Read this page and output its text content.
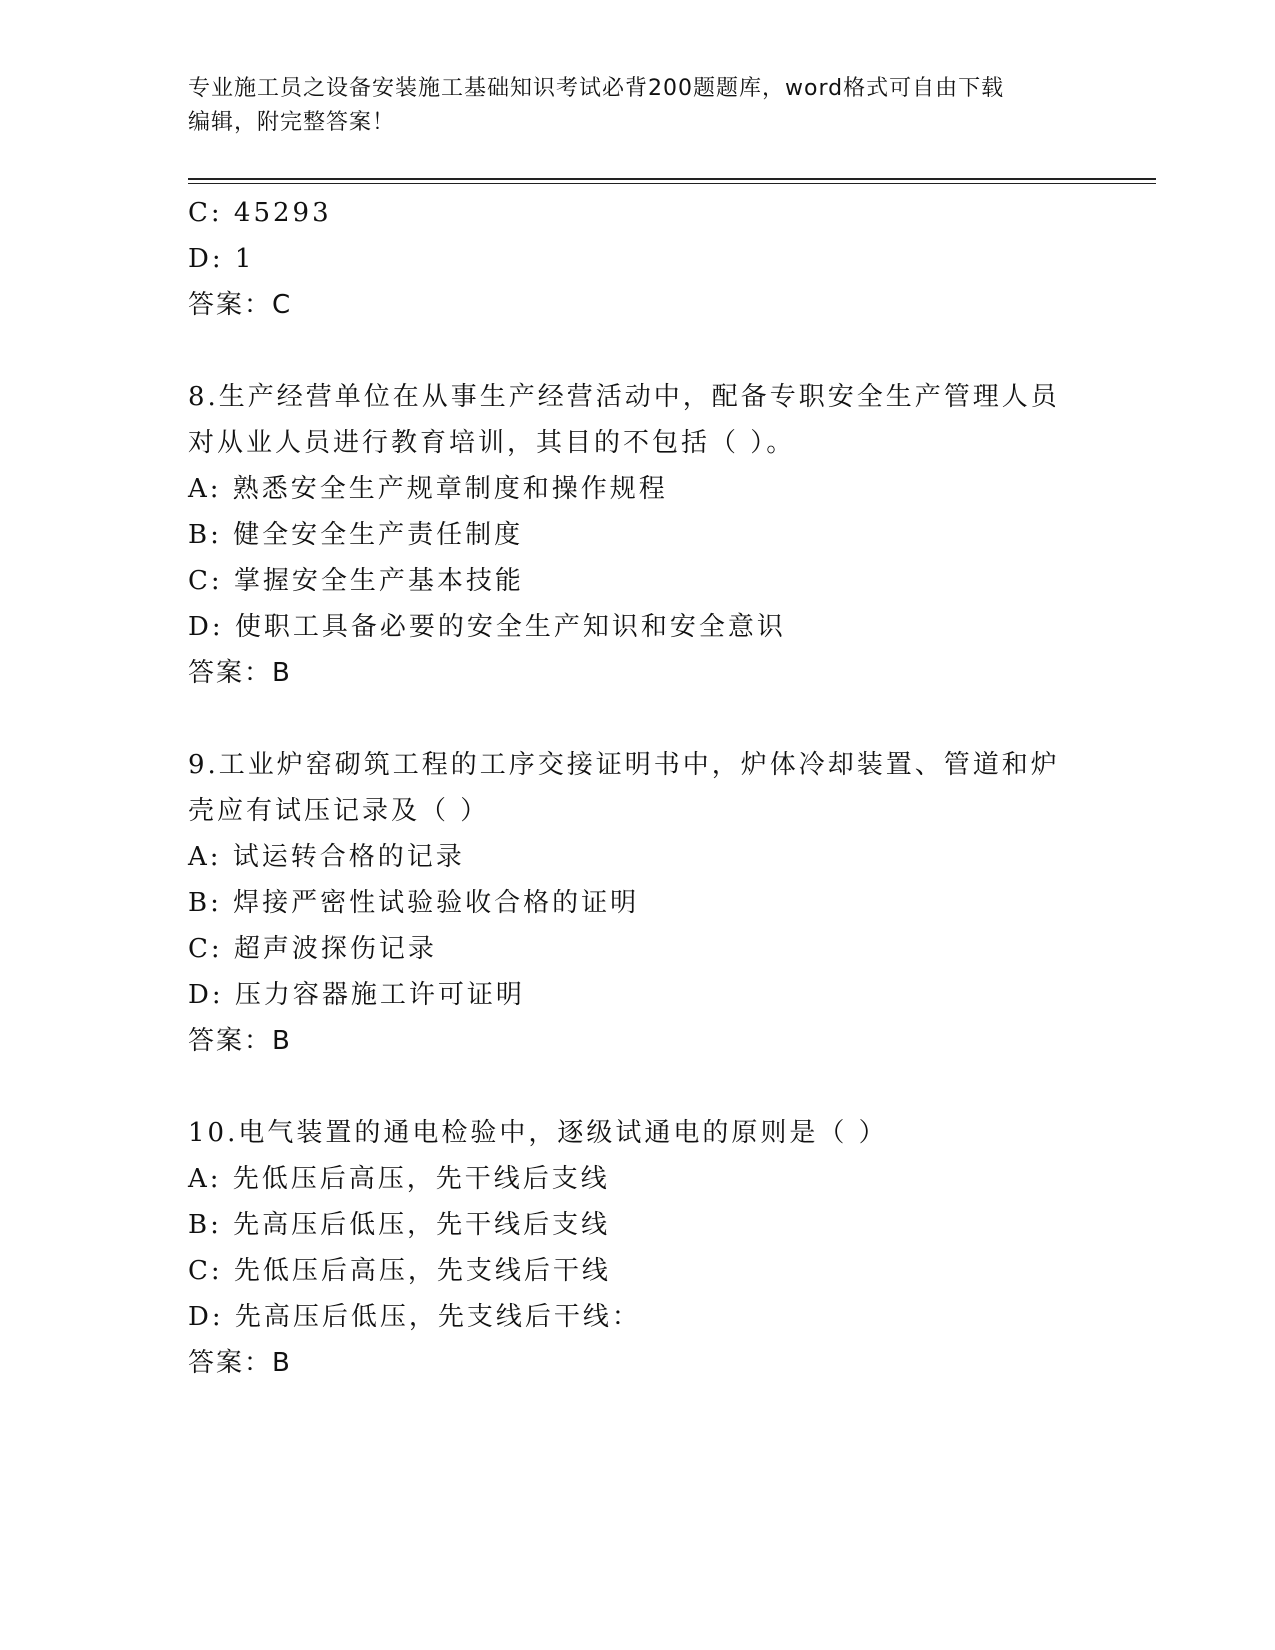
专业施工员之设备安装施工基础知识考试必背200题题库，word格式可自由下载
编辑，附完整答案！
C: 45293
D: 1
答案：C
8.生产经营单位在从事生产经营活动中，配备专职安全生产管理人员
对从业人员进行教育培训，其目的不包括（ ）。
A: 熟悉安全生产规章制度和操作规程
B: 健全安全生产责任制度
C: 掌握安全生产基本技能
D: 使职工具备必要的安全生产知识和安全意识
答案：B
9.工业炉窑砌筑工程的工序交接证明书中，炉体冷却装置、管道和炉
壳应有试压记录及（ ）
A: 试运转合格的记录
B: 焊接严密性试验验收合格的证明
C: 超声波探伤记录
D: 压力容器施工许可证明
答案：B
10.电气装置的通电检验中，逐级试通电的原则是（ ）
A: 先低压后高压，先干线后支线
B: 先高压后低压，先干线后支线
C: 先低压后高压，先支线后干线
D: 先高压后低压，先支线后干线：
答案：B
